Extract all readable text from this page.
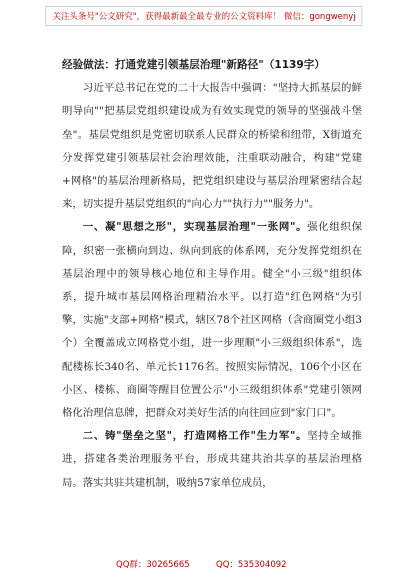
关注头条号"公文研究"，获得最新最全最专业的公文资料库！ 微信：gongwenyj

经验做法：打通党建引领基层治理"新路径"（1139字）

习近平总书记在党的二十大报告中强调："坚持大抓基层的鲜明导向""把基层党组织建设成为有效实现党的领导的坚强战斗堡垒"。基层党组织是党密切联系人民群众的桥梁和纽带，X街道充分发挥党建引领基层社会治理效能，注重联动融合，构建"党建+网格"的基层治理新格局，把党组织建设与基层治理紧密结合起来，切实提升基层党组织的"向心力""执行力""服务力"。

一、凝"思想之形"，实现基层治理"一张网"。强化组织保障，织密一张横向到边、纵向到底的体系网，充分发挥党组织在基层治理中的领导核心地位和主导作用。健全"小三级"组织体系，提升城市基层网格治理精治水平。以打造"红色网格"为引擎，实施"支部+网格"模式，辖区78个社区网格（含商圈党小组3个）全覆盖成立网格党小组，进一步理顺"小三级组织体系"，选配楼栋长340名、单元长1176名。按照实际情况，106个小区在小区、楼栋、商圈等醒目位置公示"小三级组织体系"党建引领网格化治理信息牌，把群众对美好生活的向往回应到"家门口"。

二、铸"堡垒之坚"，打造网格工作"生力军"。坚持全域推进，搭建各类治理服务平台，形成共建共治共享的基层治理格局。落实共驻共建机制，吸纳57家单位成员，

QQ群：30265665	QQ：535304092
